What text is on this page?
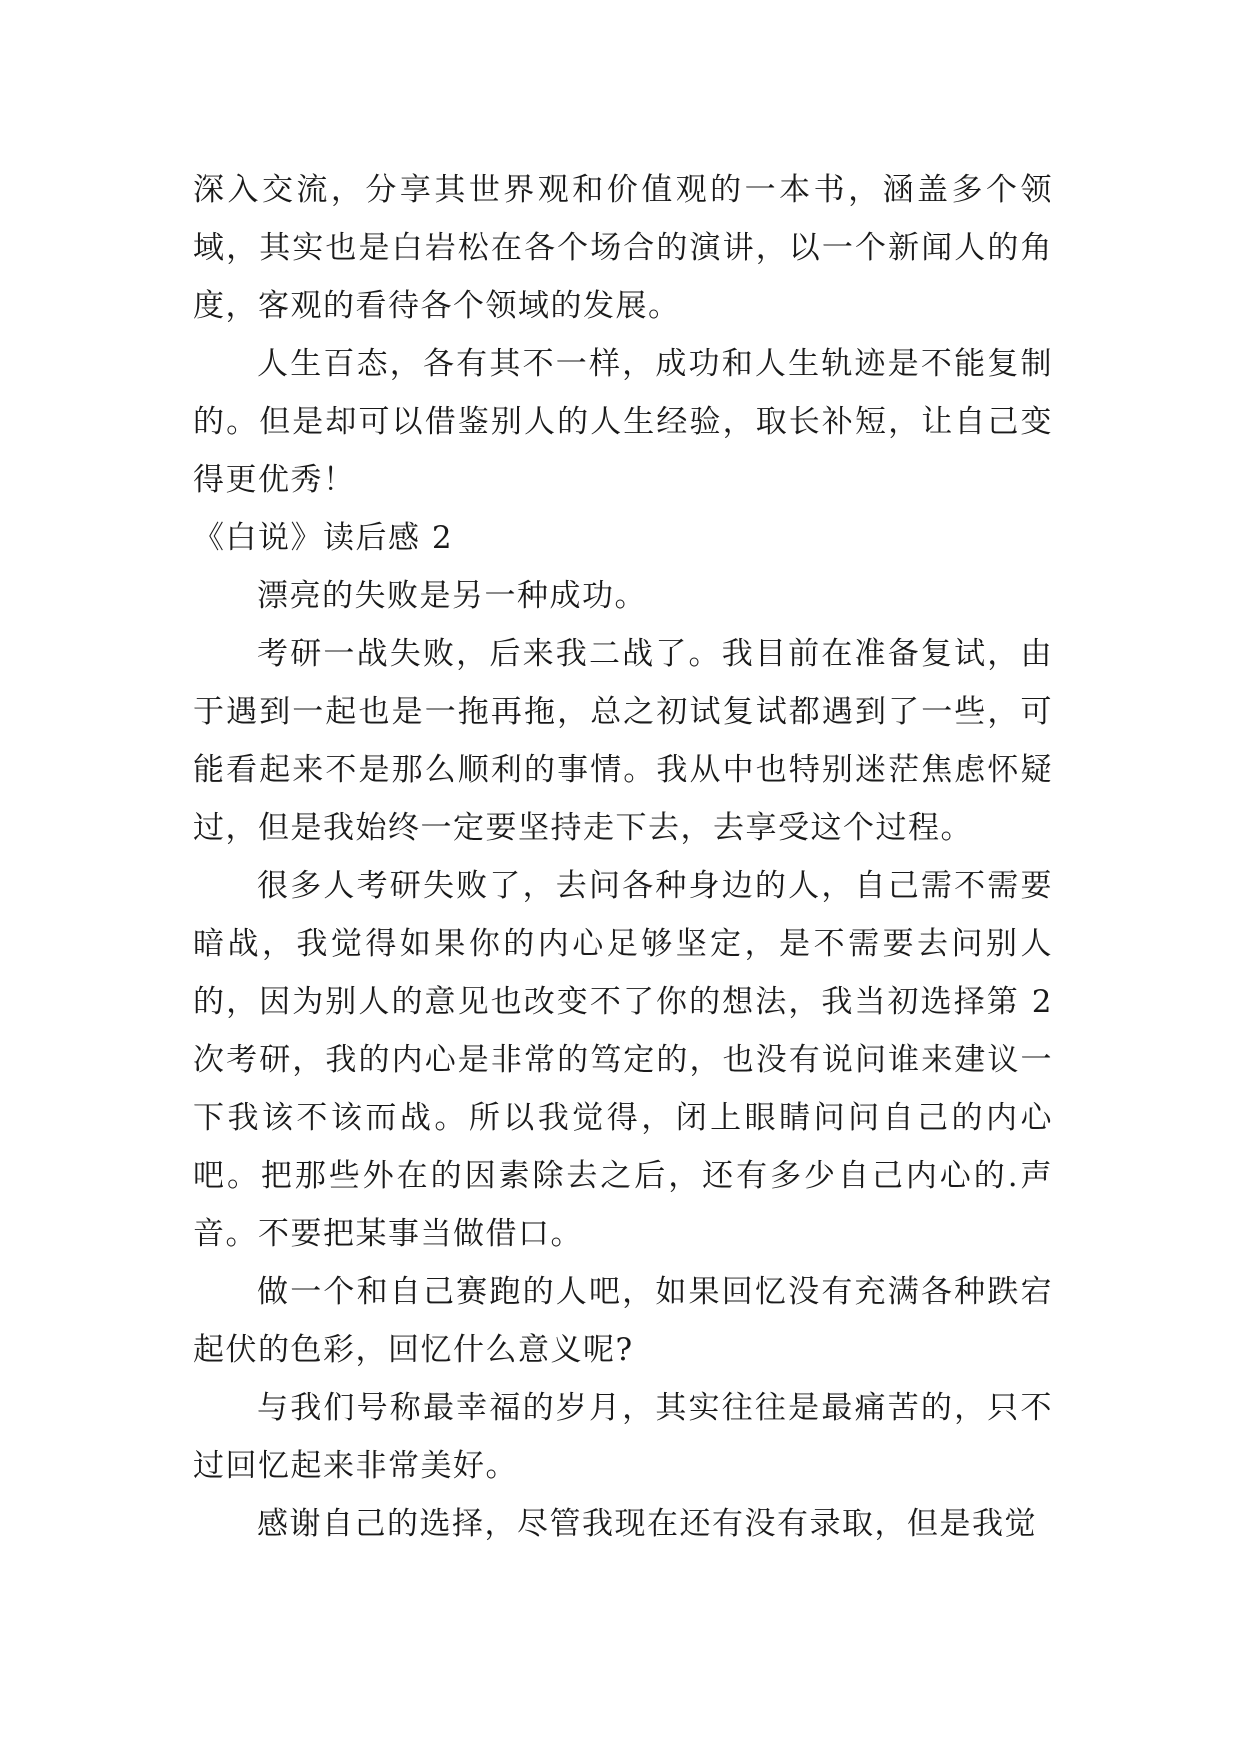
深入交流，分享其世界观和价值观的一本书，涵盖多个领域，其实也是白岩松在各个场合的演讲，以一个新闻人的角度，客观的看待各个领域的发展。

人生百态，各有其不一样，成功和人生轨迹是不能复制的。但是却可以借鉴别人的人生经验，取长补短，让自己变得更优秀！

《白说》读后感 2

漂亮的失败是另一种成功。

考研一战失败，后来我二战了。我目前在准备复试，由于遇到一起也是一拖再拖，总之初试复试都遇到了一些，可能看起来不是那么顺利的事情。我从中也特别迷茫焦虑怀疑过，但是我始终一定要坚持走下去，去享受这个过程。

很多人考研失败了，去问各种身边的人，自己需不需要暗战，我觉得如果你的内心足够坚定，是不需要去问别人的，因为别人的意见也改变不了你的想法，我当初选择第 2 次考研，我的内心是非常的笃定的，也没有说问谁来建议一下我该不该而战。所以我觉得，闭上眼睛问问自己的内心吧。把那些外在的因素除去之后，还有多少自己内心的.声音。不要把某事当做借口。

做一个和自己赛跑的人吧，如果回忆没有充满各种跌宕起伏的色彩，回忆什么意义呢?

与我们号称最幸福的岁月，其实往往是最痛苦的，只不过回忆起来非常美好。

感谢自己的选择，尽管我现在还有没有录取，但是我觉
